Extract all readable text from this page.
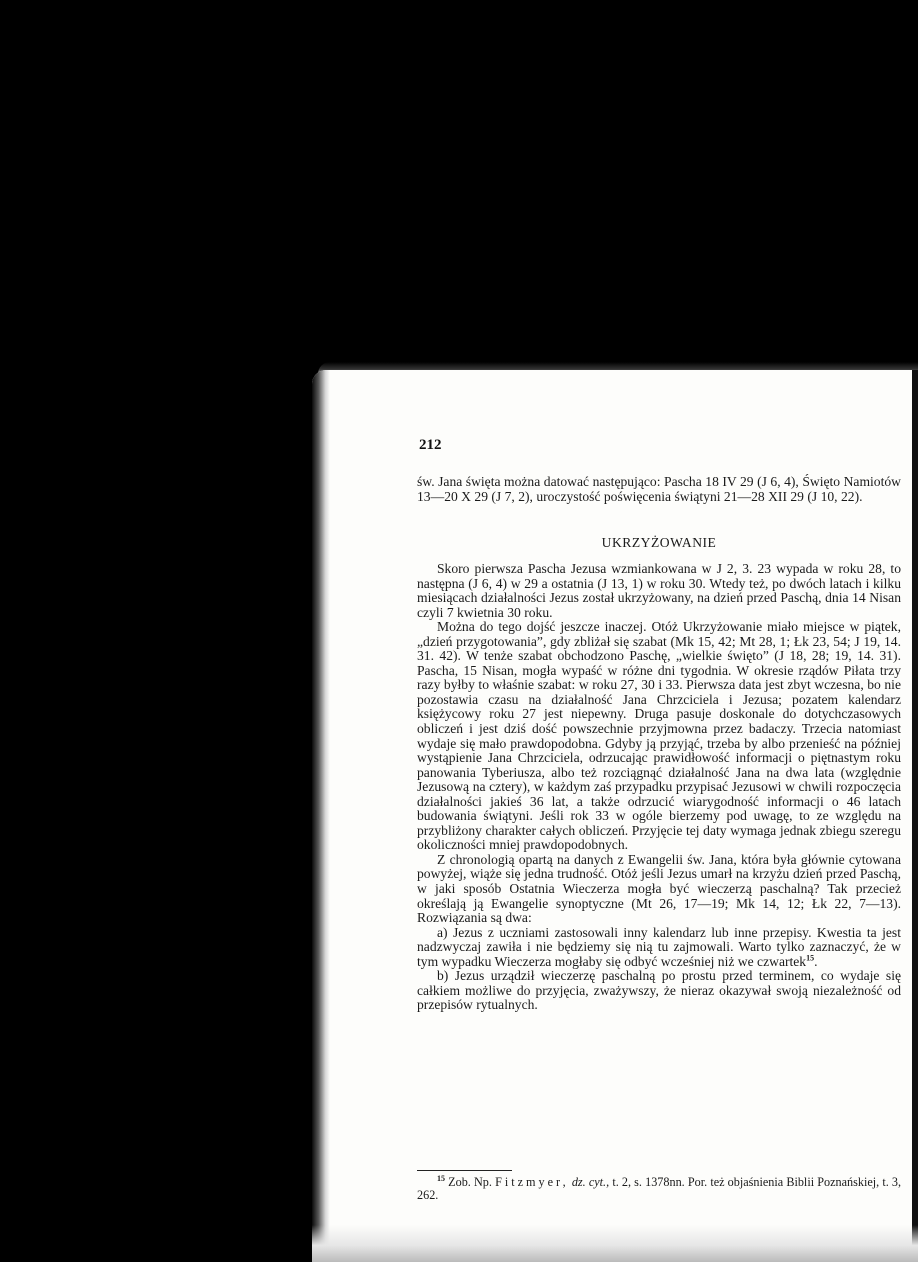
212

św. Jana święta można datować następująco: Pascha 18 IV 29 (J 6, 4), Święto Namiotów 13—20 X 29 (J 7, 2), uroczystość poświęcenia świątyni 21—28 XII 29 (J 10, 22).

UKRZYŻOWANIE

Skoro pierwsza Pascha Jezusa wzmiankowana w J 2, 3. 23 wypada w roku 28, to następna (J 6, 4) w 29 a ostatnia (J 13, 1) w roku 30. Wtedy też, po dwóch latach i kilku miesiącach działalności Jezus został ukrzyżowany, na dzień przed Paschą, dnia 14 Nisan czyli 7 kwietnia 30 roku.

Można do tego dojść jeszcze inaczej. Otóż Ukrzyżowanie miało miejsce w piątek, „dzień przygotowania”, gdy zbliżał się szabat (Mk 15, 42; Mt 28, 1; Łk 23, 54; J 19, 14. 31. 42). W tenże szabat obchodzono Paschę, „wielkie święto” (J 18, 28; 19, 14. 31). Pascha, 15 Nisan, mogła wypaść w różne dni tygodnia. W okresie rządów Piłata trzy razy byłby to właśnie szabat: w roku 27, 30 i 33. Pierwsza data jest zbyt wczesna, bo nie pozostawia czasu na działalność Jana Chrzciciela i Jezusa; pozatem kalendarz księżycowy roku 27 jest niepewny. Druga pasuje doskonale do dotychczasowych obliczeń i jest dziś dość powszechnie przyjmowna przez badaczy. Trzecia natomiast wydaje się mało prawdopodobna. Gdyby ją przyjąć, trzeba by albo przenieść na później wystąpienie Jana Chrzciciela, odrzucając prawidłowość informacji o piętnastym roku panowania Tyberiusza, albo też rozciągnąć działalność Jana na dwa lata (względnie Jezusową na cztery), w każdym zaś przypadku przypisać Jezusowi w chwili rozpoczęcia działalności jakieś 36 lat, a także odrzucić wiarygodność informacji o 46 latach budowania świątyni. Jeśli rok 33 w ogóle bierzemy pod uwagę, to ze względu na przybliżony charakter całych obliczeń. Przyjęcie tej daty wymaga jednak zbiegu szeregu okoliczności mniej prawdopodobnych.

Z chronologią opartą na danych z Ewangelii św. Jana, która była głównie cytowana powyżej, wiąże się jedna trudność. Otóż jeśli Jezus umarł na krzyżu dzień przed Paschą, w jaki sposób Ostatnia Wieczerza mogła być wieczerzą paschalną? Tak przecież określają ją Ewangelie synoptyczne (Mt 26, 17—19; Mk 14, 12; Łk 22, 7—13). Rozwiązania są dwa:

a) Jezus z uczniami zastosowali inny kalendarz lub inne przepisy. Kwestia ta jest nadzwyczaj zawiła i nie będziemy się nią tu zajmowali. Warto tylko zaznaczyć, że w tym wypadku Wieczerza mogłaby się odbyć wcześniej niż we czwartek$^{15}$.

b) Jezus urządził wieczerzę paschalną po prostu przed terminem, co wydaje się całkiem możliwe do przyjęcia, zważywszy, że nieraz okazywał swoją niezależność od przepisów rytualnych.

$^{15}$ Zob. Np. Fitzmyer, dz. cyt., t. 2, s. 1378nn. Por. też objaśnienia Biblii Poznańskiej, t. 3, 262.
